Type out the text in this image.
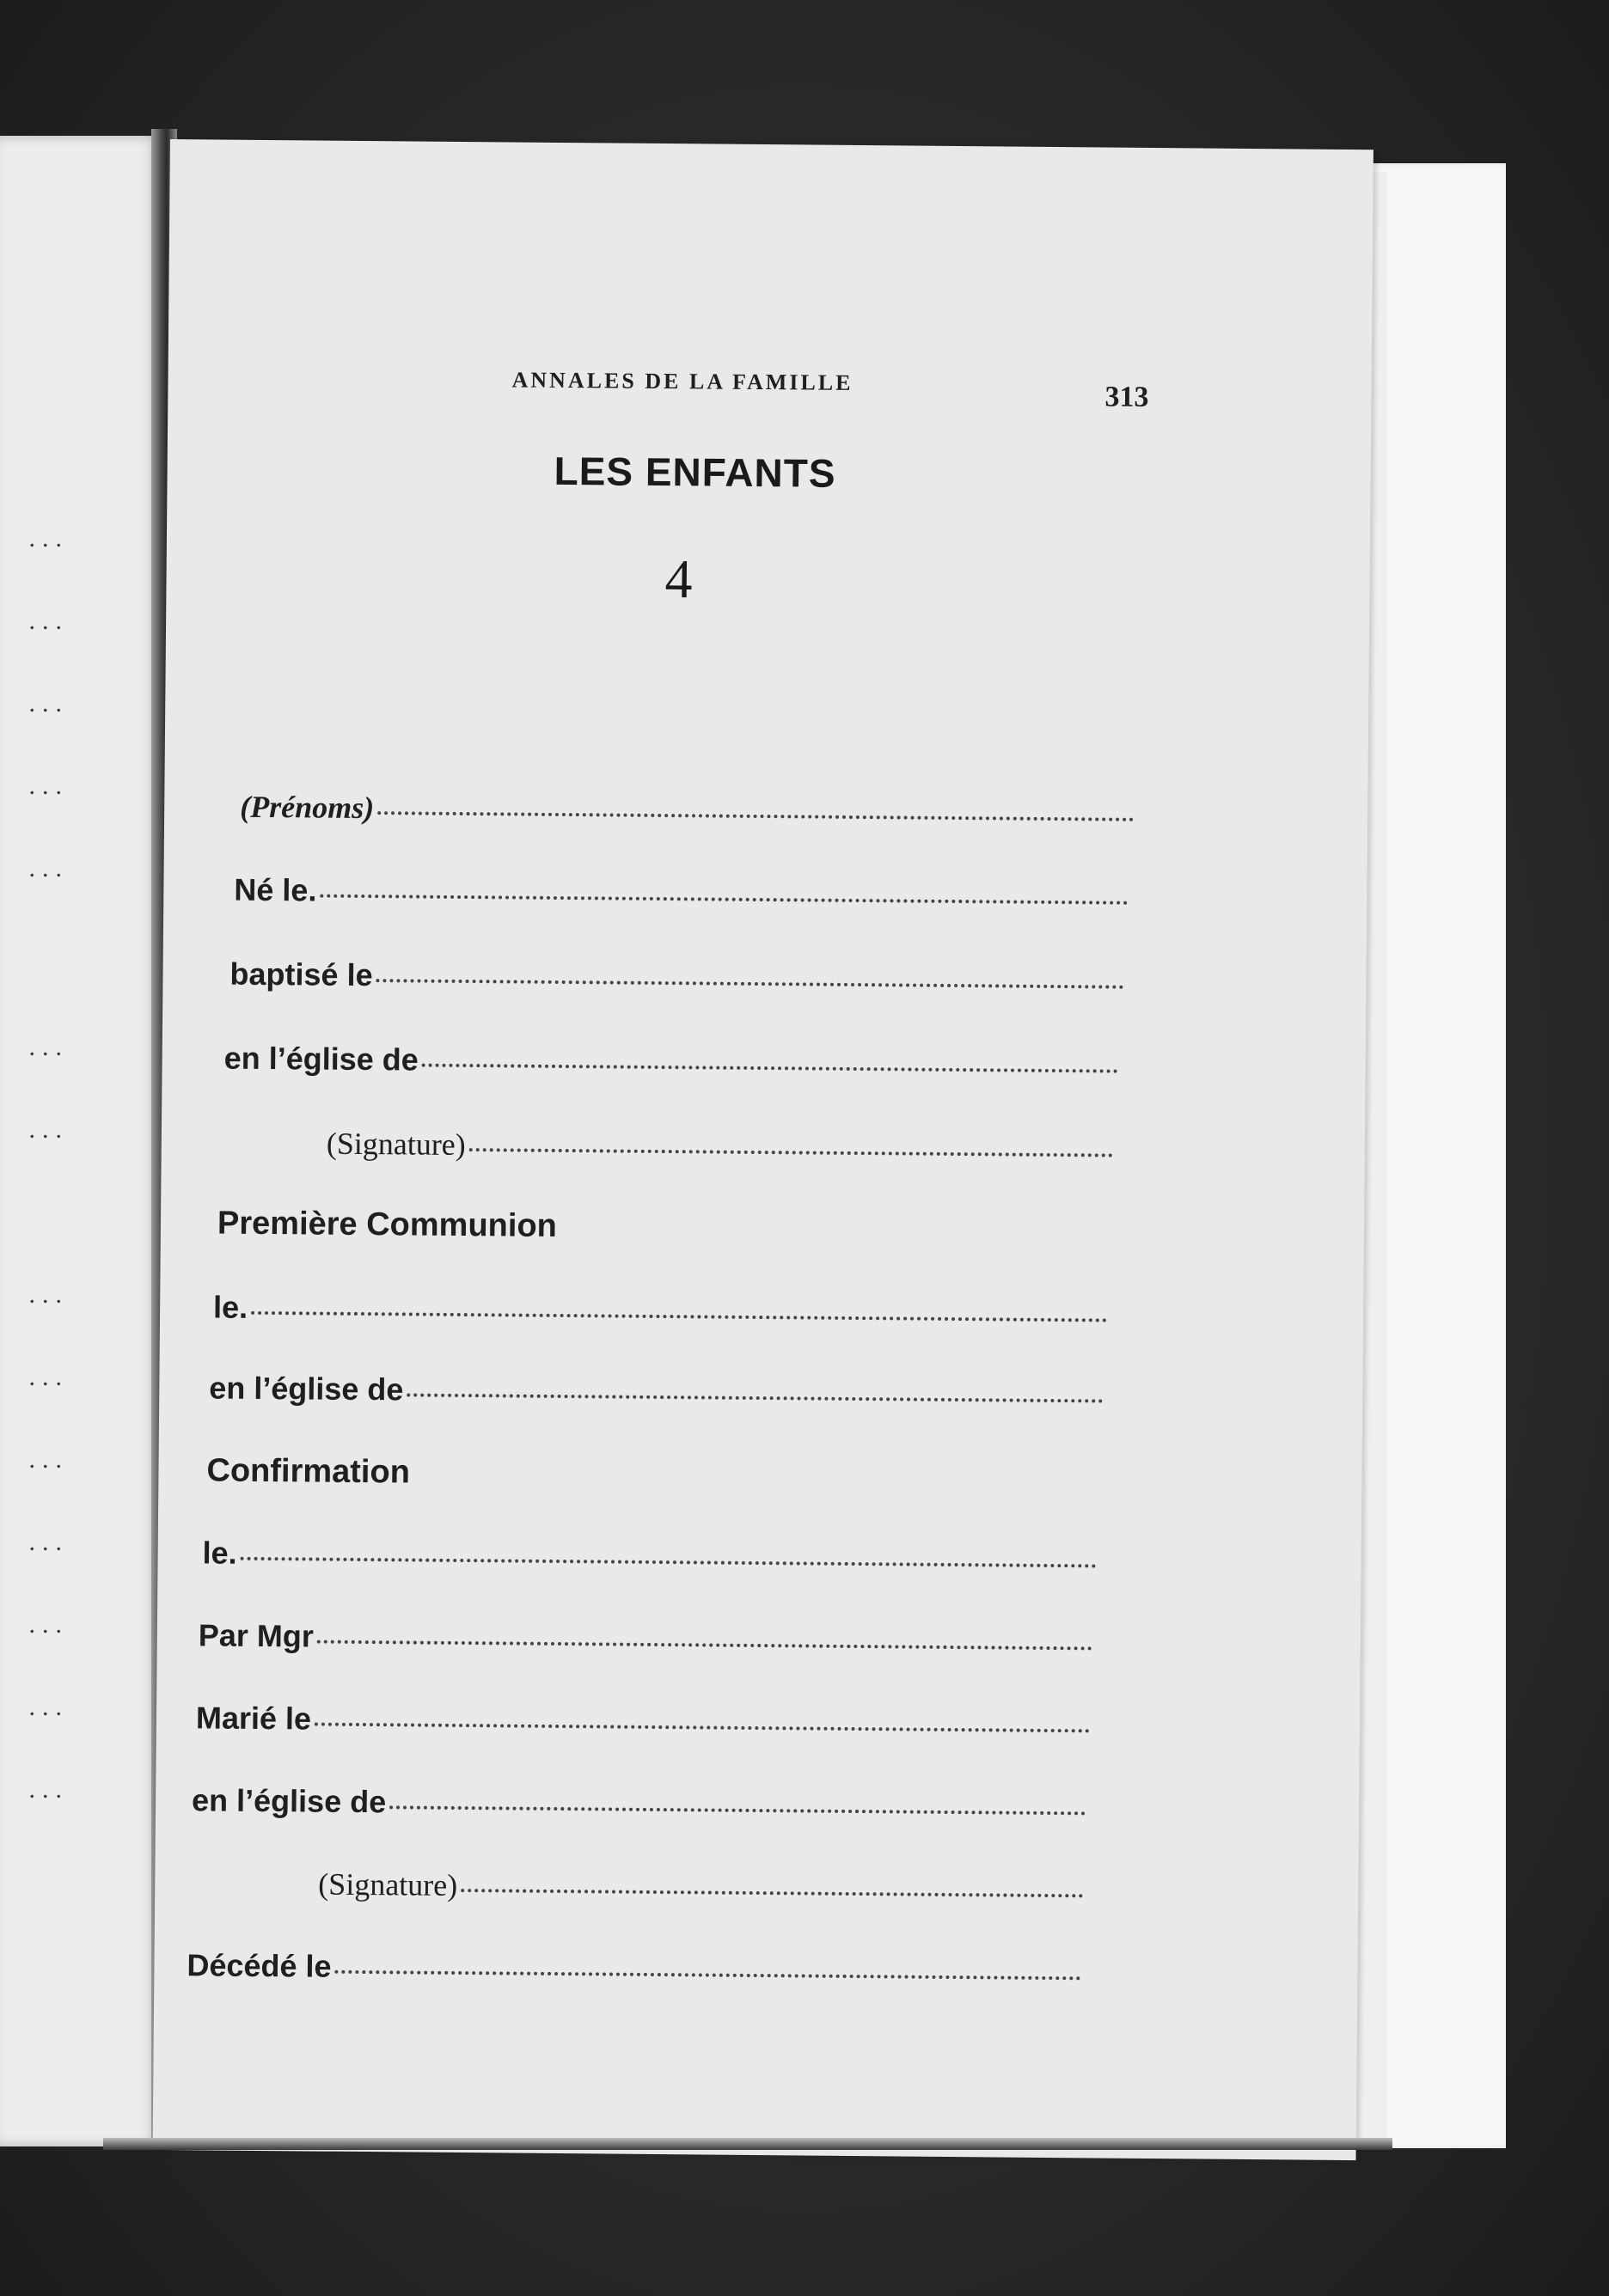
...
...
...
...
...
...
...
...
...
...
...
...
...
...
ANNALES DE LA FAMILLE	313
LES ENFANTS
4
(Prénoms)
Né le.
baptisé le
en l’église de
(Signature)
Première Communion
le.
en l’église de
Confirmation
le.
Par Mgr
Marié le
en l’église de
(Signature)
Décédé le
